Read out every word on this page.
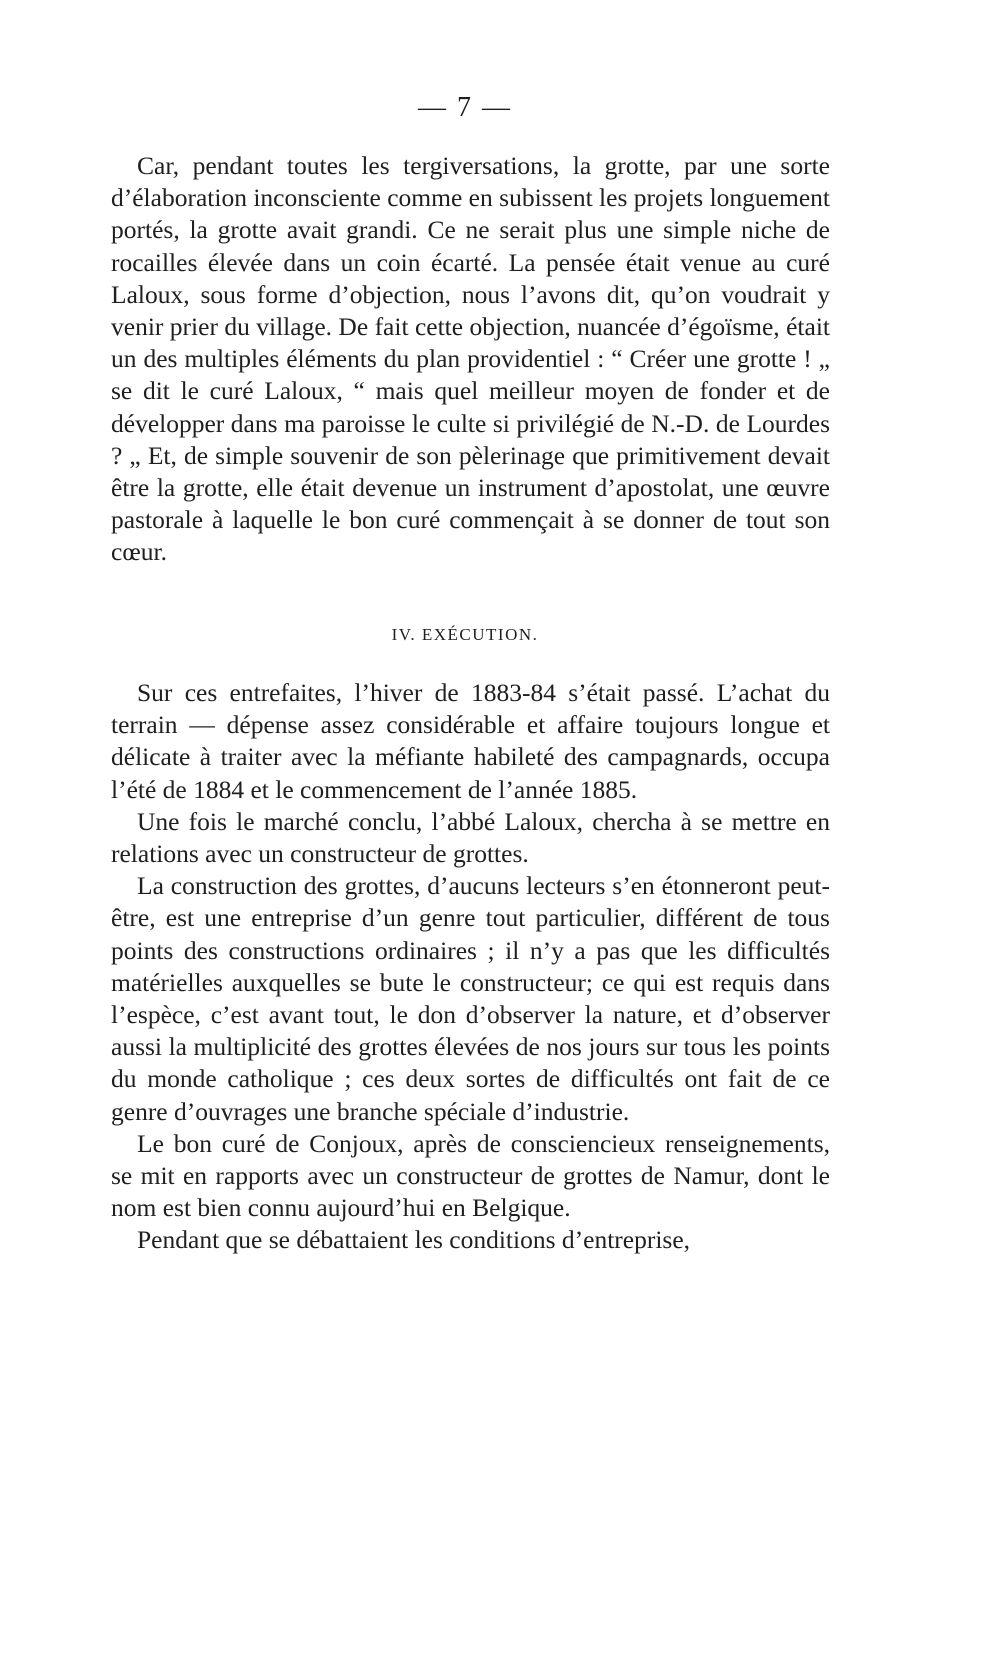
— 7 —

Car, pendant toutes les tergiversations, la grotte, par une sorte d’élaboration inconsciente comme en subissent les projets longuement portés, la grotte avait grandi. Ce ne serait plus une simple niche de rocailles élevée dans un coin écarté. La pensée était venue au curé Laloux, sous forme d’objection, nous l’avons dit, qu’on voudrait y venir prier du village. De fait cette objection, nuancée d’égoïsme, était un des multiples éléments du plan providentiel : “ Créer une grotte ! „ se dit le curé Laloux, “ mais quel meilleur moyen de fonder et de développer dans ma paroisse le culte si privilégié de N.-D. de Lourdes ? „ Et, de simple souvenir de son pèlerinage que primitivement devait être la grotte, elle était devenue un instrument d’apostolat, une œuvre pastorale à laquelle le bon curé commençait à se donner de tout son cœur.

IV. EXÉCUTION.

Sur ces entrefaites, l’hiver de 1883-84 s’était passé. L’achat du terrain — dépense assez considérable et affaire toujours longue et délicate à traiter avec la méfiante habileté des campagnards, occupa l’été de 1884 et le commencement de l’année 1885.

Une fois le marché conclu, l’abbé Laloux, chercha à se mettre en relations avec un constructeur de grottes.

La construction des grottes, d’aucuns lecteurs s’en étonneront peut-être, est une entreprise d’un genre tout particulier, différent de tous points des constructions ordinaires ; il n’y a pas que les difficultés matérielles auxquelles se bute le constructeur; ce qui est requis dans l’espèce, c’est avant tout, le don d’observer la nature, et d’observer aussi la multiplicité des grottes élevées de nos jours sur tous les points du monde catholique ; ces deux sortes de difficultés ont fait de ce genre d’ouvrages une branche spéciale d’industrie.

Le bon curé de Conjoux, après de consciencieux renseignements, se mit en rapports avec un constructeur de grottes de Namur, dont le nom est bien connu aujourd’hui en Belgique.

Pendant que se débattaient les conditions d’entreprise,
